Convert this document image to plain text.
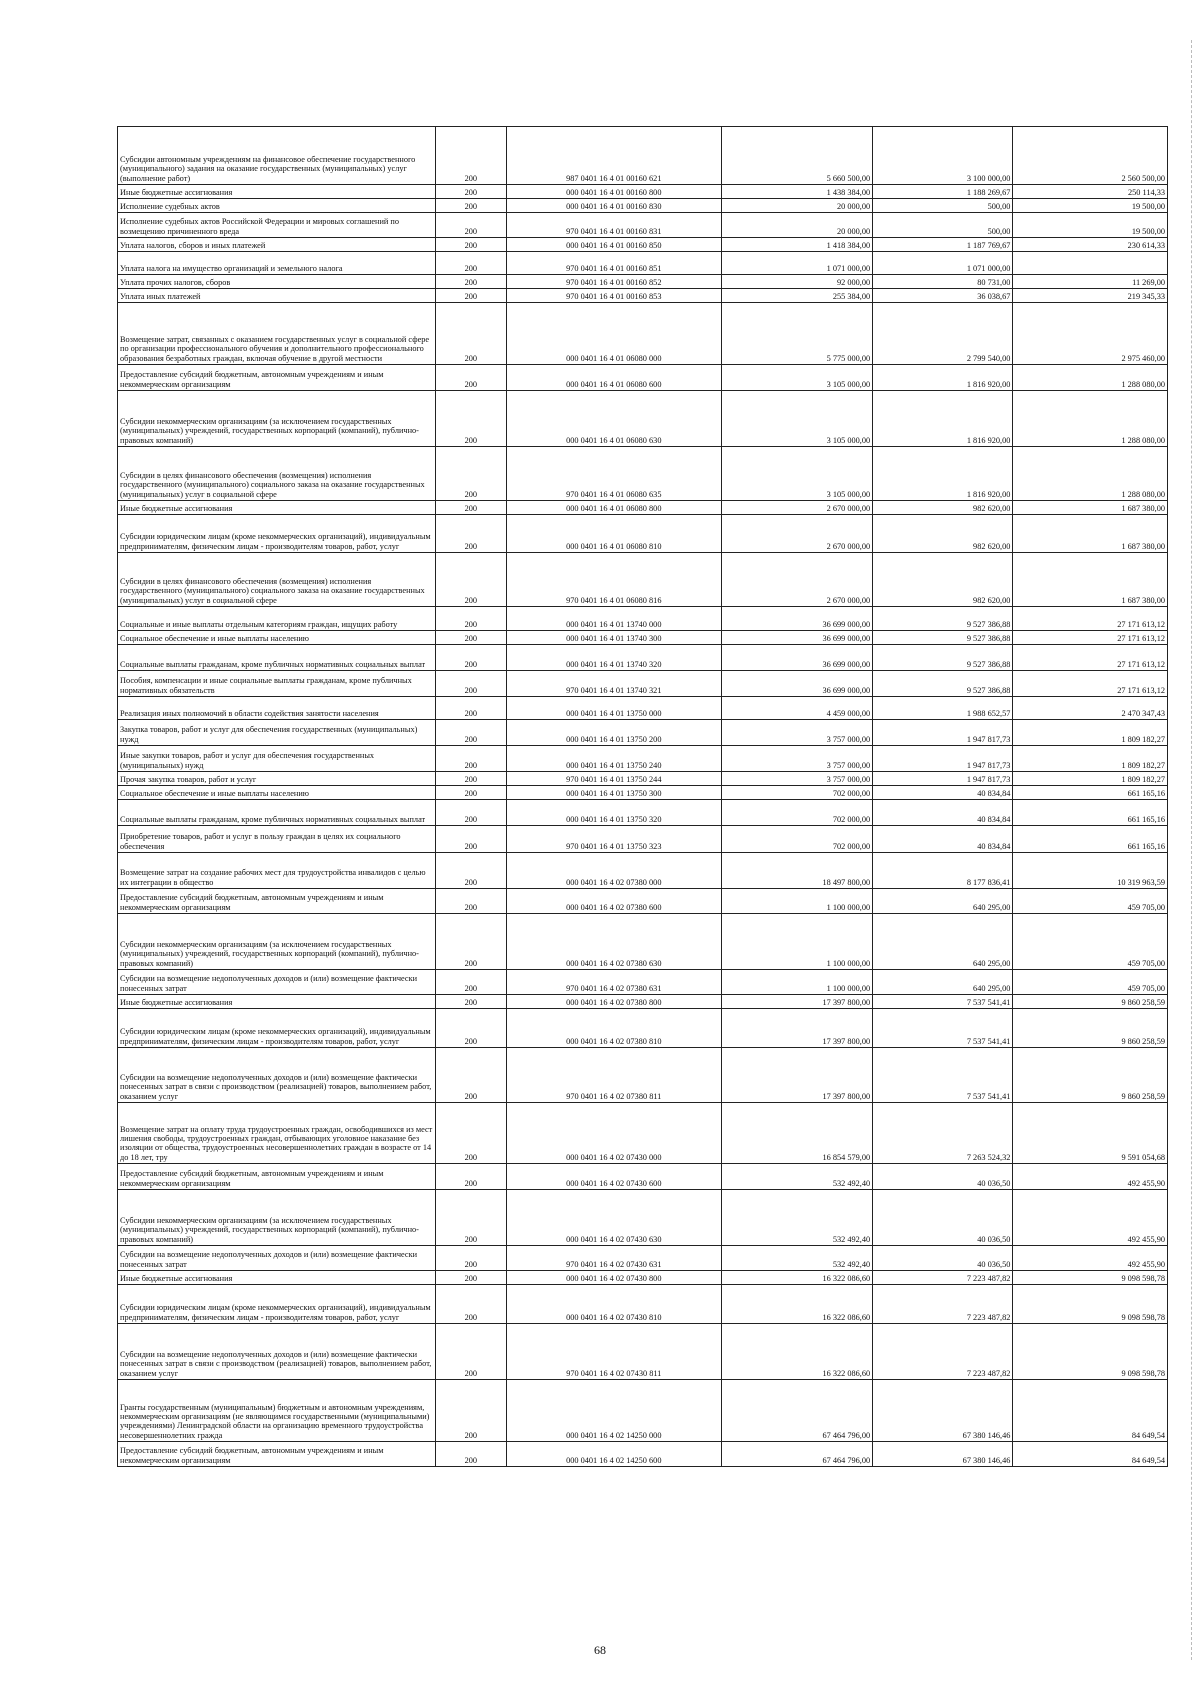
Субсидии автономным учреждениям на финансовое обеспечение государственного (муниципального) задания на оказание государственных (муниципальных) услуг (выполнение работ)	200	987 0401 16 4 01 00160 621	5 660 500,00	3 100 000,00	2 560 500,00
Иные бюджетные ассигнования	200	000 0401 16 4 01 00160 800	1 438 384,00	1 188 269,67	250 114,33
Исполнение судебных актов	200	000 0401 16 4 01 00160 830	20 000,00	500,00	19 500,00
Исполнение судебных актов Российской Федерации и мировых соглашений по возмещению причиненного вреда	200	970 0401 16 4 01 00160 831	20 000,00	500,00	19 500,00
Уплата налогов, сборов и иных платежей	200	000 0401 16 4 01 00160 850	1 418 384,00	1 187 769,67	230 614,33
Уплата налога на имущество организаций и земельного налога	200	970 0401 16 4 01 00160 851	1 071 000,00	1 071 000,00	
Уплата прочих налогов, сборов	200	970 0401 16 4 01 00160 852	92 000,00	80 731,00	11 269,00
Уплата иных платежей	200	970 0401 16 4 01 00160 853	255 384,00	36 038,67	219 345,33
Возмещение затрат, связанных с оказанием государственных услуг в социальной сфере по организации профессионального обучения и дополнительного профессионального образования безработных граждан, включая обучение в другой местности	200	000 0401 16 4 01 06080 000	5 775 000,00	2 799 540,00	2 975 460,00
Предоставление субсидий бюджетным, автономным учреждениям и иным некоммерческим организациям	200	000 0401 16 4 01 06080 600	3 105 000,00	1 816 920,00	1 288 080,00
Субсидии некоммерческим организациям (за исключением государственных (муниципальных) учреждений, государственных корпораций (компаний), публично-правовых компаний)	200	000 0401 16 4 01 06080 630	3 105 000,00	1 816 920,00	1 288 080,00
Субсидии в целях финансового обеспечения (возмещения) исполнения государственного (муниципального) социального заказа на оказание государственных (муниципальных) услуг в социальной сфере	200	970 0401 16 4 01 06080 635	3 105 000,00	1 816 920,00	1 288 080,00
Иные бюджетные ассигнования	200	000 0401 16 4 01 06080 800	2 670 000,00	982 620,00	1 687 380,00
Субсидии юридическим лицам (кроме некоммерческих организаций), индивидуальным предпринимателям, физическим лицам - производителям товаров, работ, услуг	200	000 0401 16 4 01 06080 810	2 670 000,00	982 620,00	1 687 380,00
Субсидии в целях финансового обеспечения (возмещения) исполнения государственного (муниципального) социального заказа на оказание государственных (муниципальных) услуг в социальной сфере	200	970 0401 16 4 01 06080 816	2 670 000,00	982 620,00	1 687 380,00
Социальные и иные выплаты отдельным категориям граждан, ищущих работу	200	000 0401 16 4 01 13740 000	36 699 000,00	9 527 386,88	27 171 613,12
Социальное обеспечение и иные выплаты населению	200	000 0401 16 4 01 13740 300	36 699 000,00	9 527 386,88	27 171 613,12
Социальные выплаты гражданам, кроме публичных нормативных социальных выплат	200	000 0401 16 4 01 13740 320	36 699 000,00	9 527 386,88	27 171 613,12
Пособия, компенсации и иные социальные выплаты гражданам, кроме публичных нормативных обязательств	200	970 0401 16 4 01 13740 321	36 699 000,00	9 527 386,88	27 171 613,12
Реализация иных полномочий в области содействия занятости населения	200	000 0401 16 4 01 13750 000	4 459 000,00	1 988 652,57	2 470 347,43
Закупка товаров, работ и услуг для обеспечения государственных (муниципальных) нужд	200	000 0401 16 4 01 13750 200	3 757 000,00	1 947 817,73	1 809 182,27
Иные закупки товаров, работ и услуг для обеспечения государственных (муниципальных) нужд	200	000 0401 16 4 01 13750 240	3 757 000,00	1 947 817,73	1 809 182,27
Прочая закупка товаров, работ и услуг	200	970 0401 16 4 01 13750 244	3 757 000,00	1 947 817,73	1 809 182,27
Социальное обеспечение и иные выплаты населению	200	000 0401 16 4 01 13750 300	702 000,00	40 834,84	661 165,16
Социальные выплаты гражданам, кроме публичных нормативных социальных выплат	200	000 0401 16 4 01 13750 320	702 000,00	40 834,84	661 165,16
Приобретение товаров, работ и услуг в пользу граждан в целях их социального обеспечения	200	970 0401 16 4 01 13750 323	702 000,00	40 834,84	661 165,16
Возмещение затрат на создание рабочих мест для трудоустройства инвалидов с целью их интеграции в общество	200	000 0401 16 4 02 07380 000	18 497 800,00	8 177 836,41	10 319 963,59
Предоставление субсидий бюджетным, автономным учреждениям и иным некоммерческим организациям	200	000 0401 16 4 02 07380 600	1 100 000,00	640 295,00	459 705,00
Субсидии некоммерческим организациям (за исключением государственных (муниципальных) учреждений, государственных корпораций (компаний), публично-правовых компаний)	200	000 0401 16 4 02 07380 630	1 100 000,00	640 295,00	459 705,00
Субсидии на возмещение недополученных доходов и (или) возмещение фактически понесенных затрат	200	970 0401 16 4 02 07380 631	1 100 000,00	640 295,00	459 705,00
Иные бюджетные ассигнования	200	000 0401 16 4 02 07380 800	17 397 800,00	7 537 541,41	9 860 258,59
Субсидии юридическим лицам (кроме некоммерческих организаций), индивидуальным предпринимателям, физическим лицам - производителям товаров, работ, услуг	200	000 0401 16 4 02 07380 810	17 397 800,00	7 537 541,41	9 860 258,59
Субсидии на возмещение недополученных доходов и (или) возмещение фактически понесенных затрат в связи с производством (реализацией) товаров, выполнением работ, оказанием услуг	200	970 0401 16 4 02 07380 811	17 397 800,00	7 537 541,41	9 860 258,59
Возмещение затрат на оплату труда трудоустроенных граждан, освободившихся из мест лишения свободы, трудоустроенных граждан, отбывающих уголовное наказание без изоляции от общества, трудоустроенных несовершеннолетних граждан в возрасте от 14 до 18 лет, тру	200	000 0401 16 4 02 07430 000	16 854 579,00	7 263 524,32	9 591 054,68
Предоставление субсидий бюджетным, автономным учреждениям и иным некоммерческим организациям	200	000 0401 16 4 02 07430 600	532 492,40	40 036,50	492 455,90
Субсидии некоммерческим организациям (за исключением государственных (муниципальных) учреждений, государственных корпораций (компаний), публично-правовых компаний)	200	000 0401 16 4 02 07430 630	532 492,40	40 036,50	492 455,90
Субсидии на возмещение недополученных доходов и (или) возмещение фактически понесенных затрат	200	970 0401 16 4 02 07430 631	532 492,40	40 036,50	492 455,90
Иные бюджетные ассигнования	200	000 0401 16 4 02 07430 800	16 322 086,60	7 223 487,82	9 098 598,78
Субсидии юридическим лицам (кроме некоммерческих организаций), индивидуальным предпринимателям, физическим лицам - производителям товаров, работ, услуг	200	000 0401 16 4 02 07430 810	16 322 086,60	7 223 487,82	9 098 598,78
Субсидии на возмещение недополученных доходов и (или) возмещение фактически понесенных затрат в связи с производством (реализацией) товаров, выполнением работ, оказанием услуг	200	970 0401 16 4 02 07430 811	16 322 086,60	7 223 487,82	9 098 598,78
Гранты государственным (муниципальным) бюджетным и автономным учреждениям, некоммерческим организациям (не являющимся государственными (муниципальными) учреждениями) Ленинградской области на организацию временного трудоустройства несовершеннолетних гражда	200	000 0401 16 4 02 14250 000	67 464 796,00	67 380 146,46	84 649,54
Предоставление субсидий бюджетным, автономным учреждениям и иным некоммерческим организациям	200	000 0401 16 4 02 14250 600	67 464 796,00	67 380 146,46	84 649,54
68
